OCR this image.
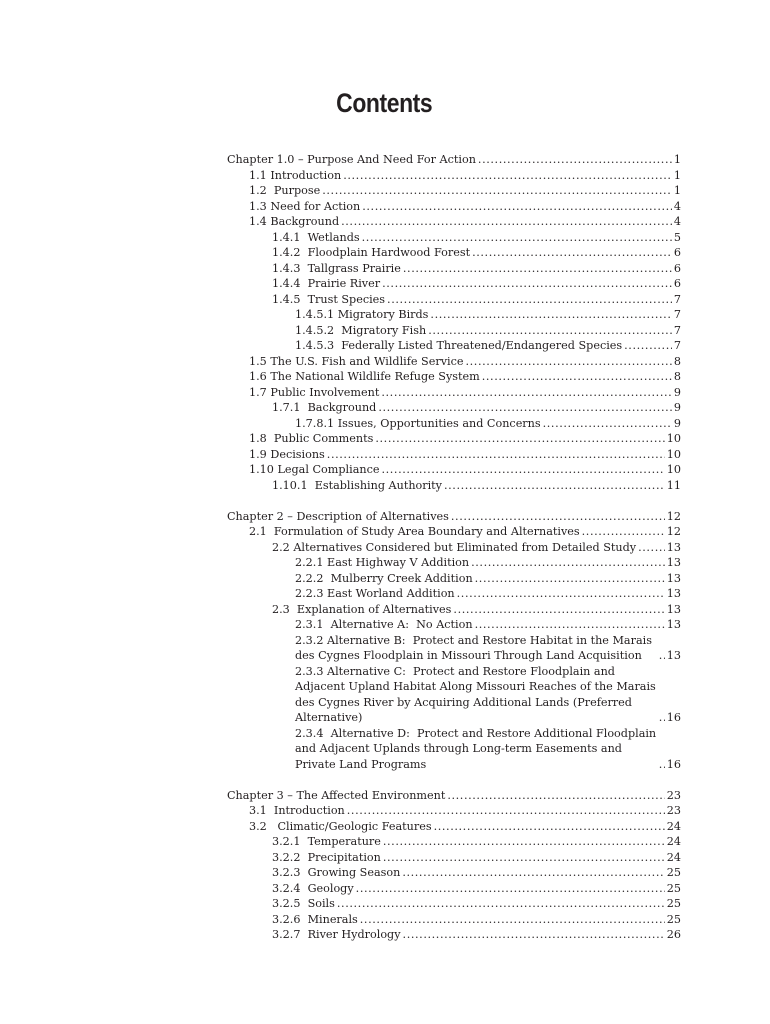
Contents
Chapter 1.0 – Purpose And Need For Action .....	1
1.1 Introduction .....	1
1.2  Purpose .....	1
1.3 Need for Action .....	4
1.4 Background .....	4
1.4.1  Wetlands .....	5
1.4.2  Floodplain Hardwood Forest .....	6
1.4.3  Tallgrass Prairie .....	6
1.4.4  Prairie River .....	6
1.4.5  Trust Species .....	7
1.4.5.1 Migratory Birds .....	7
1.4.5.2  Migratory Fish .....	7
1.4.5.3  Federally Listed Threatened/Endangered Species .....	7
1.5 The U.S. Fish and Wildlife Service .....	8
1.6 The National Wildlife Refuge System .....	8
1.7 Public Involvement .....	9
1.7.1  Background .....	9
1.7.8.1 Issues, Opportunities and Concerns .....	9
1.8  Public Comments .....	10
1.9 Decisions .....	10
1.10 Legal Compliance .....	10
1.10.1  Establishing Authority .....	11
Chapter 2 – Description of Alternatives .....	12
2.1  Formulation of Study Area Boundary and Alternatives .....	12
2.2 Alternatives Considered but Eliminated from Detailed Study .....	13
2.2.1 East Highway V Addition .....	13
2.2.2  Mulberry Creek Addition .....	13
2.2.3 East Worland Addition .....	13
2.3  Explanation of Alternatives .....	13
2.3.1  Alternative A:  No Action .....	13
2.3.2 Alternative B:  Protect and Restore Habitat in the Marais des Cygnes Floodplain in Missouri Through Land Acquisition .....	13
2.3.3 Alternative C:  Protect and Restore Floodplain and Adjacent Upland Habitat Along Missouri Reaches of the Marais des Cygnes River by Acquiring Additional Lands (Preferred Alternative) .....	16
2.3.4  Alternative D:  Protect and Restore Additional Floodplain and Adjacent Uplands through Long-term Easements and Private Land Programs .....	16
Chapter 3 – The Affected Environment .....	23
3.1  Introduction .....	23
3.2   Climatic/Geologic Features .....	24
3.2.1  Temperature .....	24
3.2.2  Precipitation .....	24
3.2.3  Growing Season .....	25
3.2.4  Geology .....	25
3.2.5  Soils .....	25
3.2.6  Minerals .....	25
3.2.7  River Hydrology .....	26
